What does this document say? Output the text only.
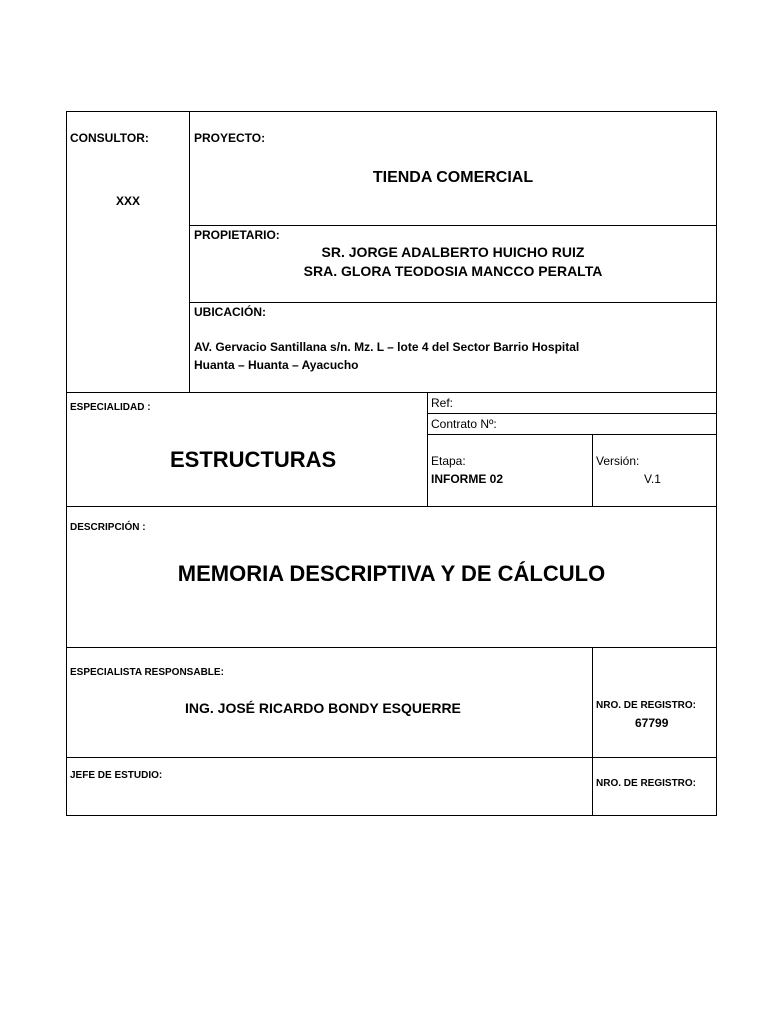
CONSULTOR:
XXX
PROYECTO:
TIENDA COMERCIAL
PROPIETARIO:
SR. JORGE ADALBERTO HUICHO RUIZ
SRA. GLORA TEODOSIA MANCCO PERALTA
UBICACIÓN:
AV. Gervacio Santillana s/n. Mz. L – lote 4 del Sector Barrio Hospital
Huanta – Huanta – Ayacucho
ESPECIALIDAD :
ESTRUCTURAS
Ref:
Contrato Nº:
Etapa:
INFORME 02
Versión:
V.1
DESCRIPCIÓN :
MEMORIA DESCRIPTIVA Y DE CÁLCULO
ESPECIALISTA RESPONSABLE:
ING. JOSÉ RICARDO BONDY ESQUERRE	NRO. DE REGISTRO:
67799
JEFE DE ESTUDIO:
NRO. DE REGISTRO:
